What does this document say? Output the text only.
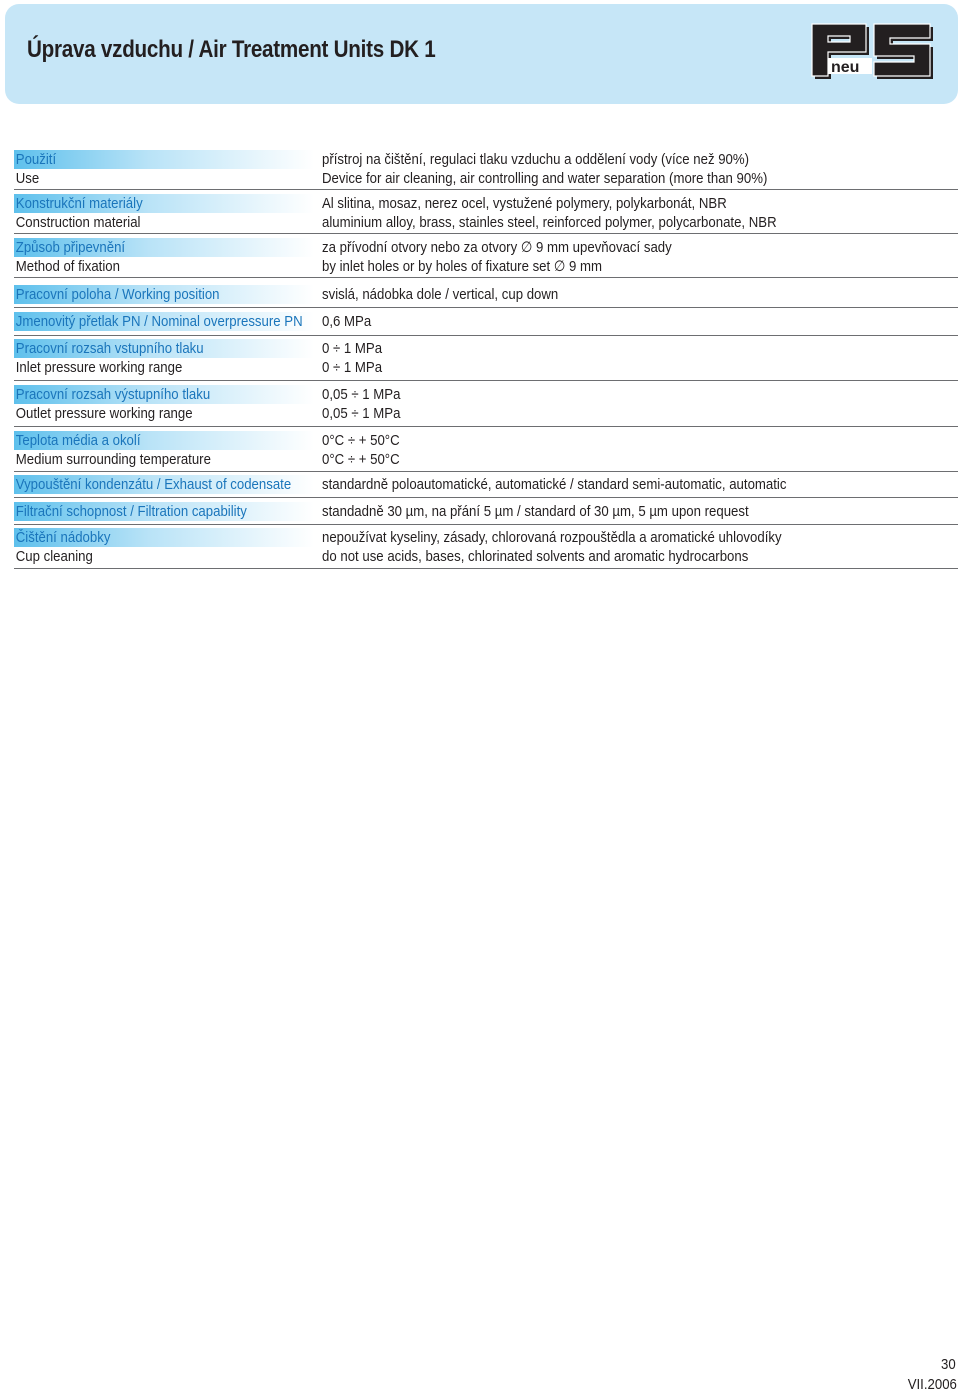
Úprava vzduchu / Air Treatment Units DK 1
neu
Použití
Use
přístroj na čištění, regulaci tlaku vzduchu a oddělení vody (více než 90%)
Device for air cleaning, air controlling and water separation (more than 90%)
Konstrukční materiály
Construction material
Al slitina, mosaz, nerez ocel, vystužené polymery, polykarbonát, NBR
aluminium alloy, brass, stainles steel, reinforced polymer, polycarbonate, NBR
Způsob připevnění
Method of fixation
za přívodní otvory nebo za otvory ∅ 9 mm upevňovací sady
by inlet holes or by holes of fixature set ∅ 9 mm
Pracovní poloha / Working position	svislá, nádobka dole / vertical, cup down
Jmenovitý přetlak PN / Nominal overpressure PN 0,6 MPa
Pracovní rozsah vstupního tlaku
Inlet pressure working range
0 ÷ 1 MPa
0 ÷ 1 MPa
Pracovní rozsah výstupního tlaku
Outlet pressure working range
0,05 ÷ 1 MPa
0,05 ÷ 1 MPa
Teplota média a okolí
Medium surrounding temperature
0°C ÷ + 50°C
0°C ÷ + 50°C
Vypouštění kondenzátu / Exhaust of codensate standardně poloautomatické, automatické / standard semi-automatic, automatic
Filtrační schopnost / Filtration capability	standadně 30 µm, na přání 5 µm / standard of 30 µm, 5 µm upon request
Čištění nádobky
Cup cleaning
nepoužívat kyseliny, zásady, chlorovaná rozpouštědla a aromatické uhlovodíky
do not use acids, bases, chlorinated solvents and aromatic hydrocarbons
30
VII.2006
